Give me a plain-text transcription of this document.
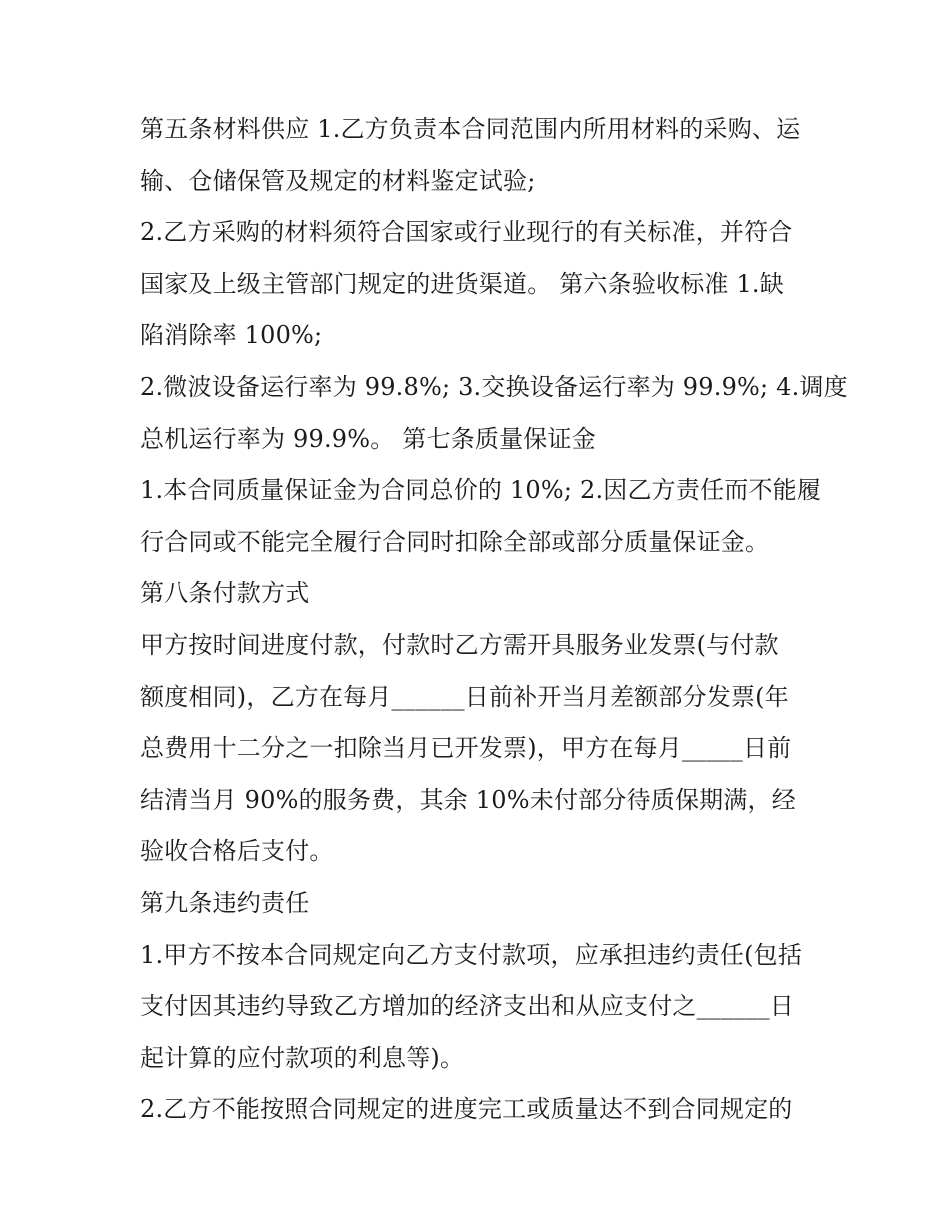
第五条材料供应 1.乙方负责本合同范围内所用材料的采购、运
输、仓储保管及规定的材料鉴定试验;
2.乙方采购的材料须符合国家或行业现行的有关标准，并符合
国家及上级主管部门规定的进货渠道。 第六条验收标准 1.缺
陷消除率 100%;
2.微波设备运行率为 99.8%; 3.交换设备运行率为 99.9%; 4.调度
总机运行率为 99.9%。 第七条质量保证金
1.本合同质量保证金为合同总价的 10%; 2.因乙方责任而不能履
行合同或不能完全履行合同时扣除全部或部分质量保证金。
第八条付款方式
甲方按时间进度付款，付款时乙方需开具服务业发票(与付款
额度相同)，乙方在每月______日前补开当月差额部分发票(年
总费用十二分之一扣除当月已开发票)，甲方在每月_____日前
结清当月 90%的服务费，其余 10%未付部分待质保期满，经
验收合格后支付。
第九条违约责任
1.甲方不按本合同规定向乙方支付款项，应承担违约责任(包括
支付因其违约导致乙方增加的经济支出和从应支付之______日
起计算的应付款项的利息等)。
2.乙方不能按照合同规定的进度完工或质量达不到合同规定的
